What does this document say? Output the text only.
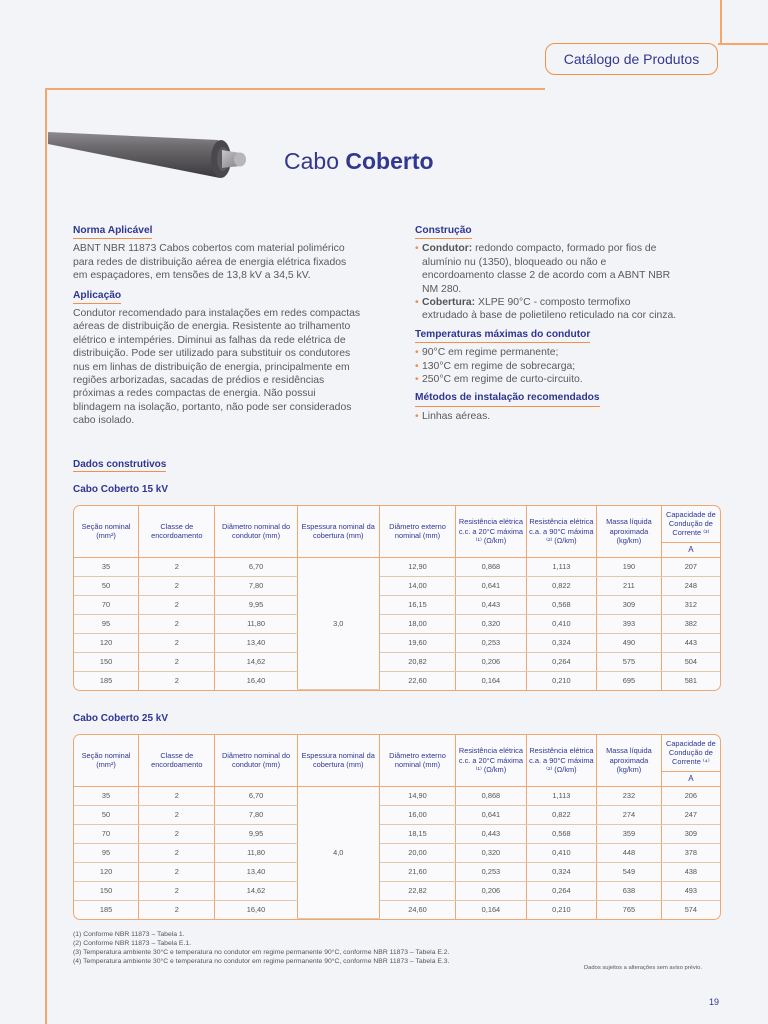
Catálogo de Produtos
Cabo Coberto
Norma Aplicável

ABNT NBR 11873 Cabos cobertos com material polimérico para redes de distribuição aérea de energia elétrica fixados em espaçadores, em tensões de 13,8 kV a 34,5 kV.

Aplicação

Condutor recomendado para instalações em redes compactas aéreas de distribuição de energia. Resistente ao trilhamento elétrico e intempéries. Diminui as falhas da rede elétrica de distribuição. Pode ser utilizado para substituir os condutores nus em linhas de distribuição de energia, principalmente em regiões arborizadas, sacadas de prédios e residências próximas a redes compactas de energia. Não possui blindagem na isolação, portanto, não pode ser considerados cabo isolado.

Construção
• Condutor: redondo compacto, formado por fios de alumínio nu (1350), bloqueado ou não e encordoamento classe 2 de acordo com a ABNT NBR NM 280.
• Cobertura: XLPE 90°C - composto termofixo extrudado à base de polietileno reticulado na cor cinza.
Temperaturas máximas do condutor
• 90°C em regime permanente;
• 130°C em regime de sobrecarga;
• 250°C em regime de curto-circuito.
Métodos de instalação recomendados
• Linhas aéreas.
Dados construtivos
Cabo Coberto 15 kV
Seção nominal (mm²)	Classe de encordoamento	Diâmetro nominal do condutor (mm)	Espessura nominal da cobertura (mm)	Diâmetro externo nominal (mm)	Resistência elétrica c.c. a 20°C máxima ⁽¹⁾ (Ω/km)	Resistência elétrica c.a. a 90°C máxima ⁽²⁾ (Ω/km)	Massa líquida aproximada (kg/km)	Capacidade de Condução de Corrente ⁽³⁾
								A
35	2	6,70	3,0	12,90	0,868	1,113	190	207
50	2	7,80		14,00	0,641	0,822	211	248
70	2	9,95		16,15	0,443	0,568	309	312
95	2	11,80		18,00	0,320	0,410	393	382
120	2	13,40		19,60	0,253	0,324	490	443
150	2	14,62		20,82	0,206	0,264	575	504
185	2	16,40		22,60	0,164	0,210	695	581
Cabo Coberto 25 kV
Seção nominal (mm²)	Classe de encordoamento	Diâmetro nominal do condutor (mm)	Espessura nominal da cobertura (mm)	Diâmetro externo nominal (mm)	Resistência elétrica c.c. a 20°C máxima ⁽¹⁾ (Ω/km)	Resistência elétrica c.a. a 90°C máxima ⁽²⁾ (Ω/km)	Massa líquida aproximada (kg/km)	Capacidade de Condução de Corrente ⁽⁴⁾
								A
35	2	6,70	4,0	14,90	0,868	1,113	232	206
50	2	7,80		16,00	0,641	0,822	274	247
70	2	9,95		18,15	0,443	0,568	359	309
95	2	11,80		20,00	0,320	0,410	448	378
120	2	13,40		21,60	0,253	0,324	549	438
150	2	14,62		22,82	0,206	0,264	638	493
185	2	16,40		24,60	0,164	0,210	765	574
(1) Conforme NBR 11873 – Tabela 1.
(2) Conforme NBR 11873 – Tabela E.1.
(3) Temperatura ambiente 30°C e temperatura no condutor em regime permanente 90°C, conforme NBR 11873 – Tabela E.2.
(4) Temperatura ambiente 30°C e temperatura no condutor em regime permanente 90°C, conforme NBR 11873 – Tabela E.3.
Dados sujeitos a alterações sem aviso prévio.
19
